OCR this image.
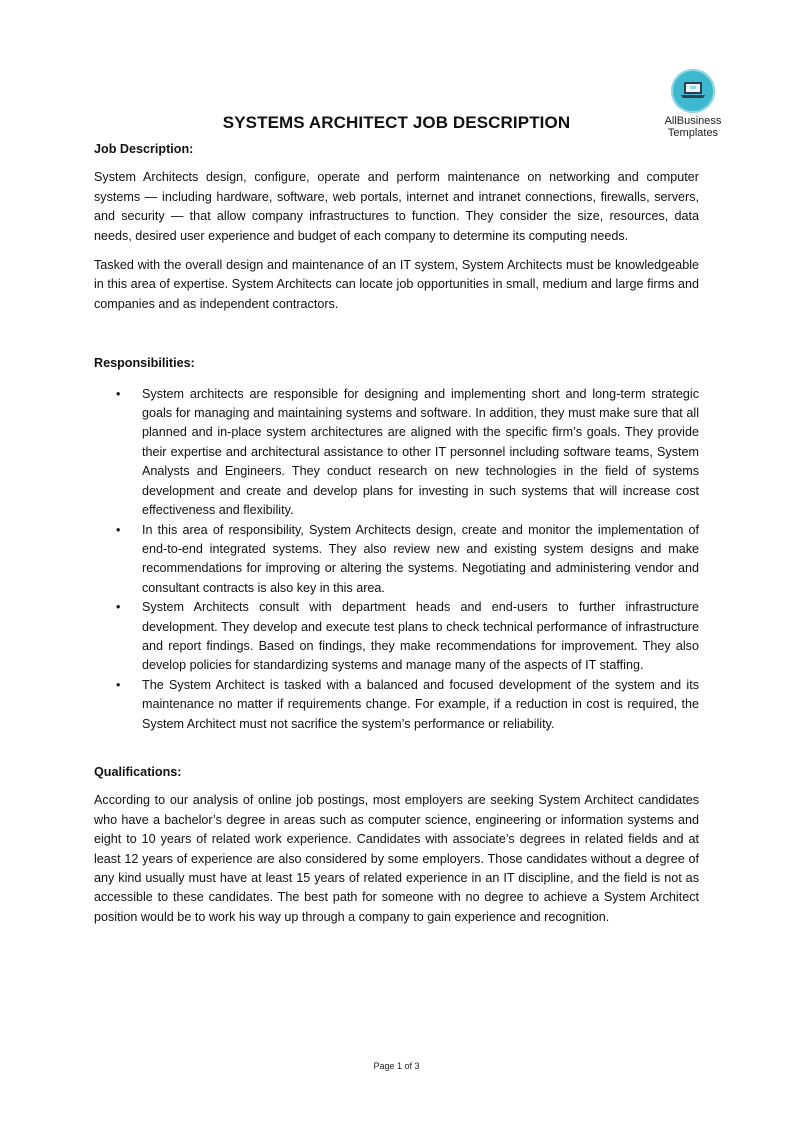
AllBusiness
Templates
SYSTEMS ARCHITECT JOB DESCRIPTION

Job Description:

System Architects design, configure, operate and perform maintenance on networking and computer systems — including hardware, software, web portals, internet and intranet connections, firewalls, servers, and security — that allow company infrastructures to function. They consider the size, resources, data needs, desired user experience and budget of each company to determine its computing needs.

Tasked with the overall design and maintenance of an IT system, System Architects must be knowledgeable in this area of expertise. System Architects can locate job opportunities in small, medium and large firms and companies and as independent contractors.

Responsibilities:

• System architects are responsible for designing and implementing short and long-term strategic goals for managing and maintaining systems and software. In addition, they must make sure that all planned and in-place system architectures are aligned with the specific firm’s goals. They provide their expertise and architectural assistance to other IT personnel including software teams, System Analysts and Engineers. They conduct research on new technologies in the field of systems development and create and develop plans for investing in such systems that will increase cost effectiveness and flexibility.
• In this area of responsibility, System Architects design, create and monitor the implementation of end-to-end integrated systems. They also review new and existing system designs and make recommendations for improving or altering the systems. Negotiating and administering vendor and consultant contracts is also key in this area.
• System Architects consult with department heads and end-users to further infrastructure development. They develop and execute test plans to check technical performance of infrastructure and report findings. Based on findings, they make recommendations for improvement. They also develop policies for standardizing systems and manage many of the aspects of IT staffing.
• The System Architect is tasked with a balanced and focused development of the system and its maintenance no matter if requirements change. For example, if a reduction in cost is required, the System Architect must not sacrifice the system’s performance or reliability.

Qualifications:

According to our analysis of online job postings, most employers are seeking System Architect candidates who have a bachelor’s degree in areas such as computer science, engineering or information systems and eight to 10 years of related work experience. Candidates with associate’s degrees in related fields and at least 12 years of experience are also considered by some employers. Those candidates without a degree of any kind usually must have at least 15 years of related experience in an IT discipline, and the field is not as accessible to these candidates. The best path for someone with no degree to achieve a System Architect position would be to work his way up through a company to gain experience and recognition.

Page 1 of 3
